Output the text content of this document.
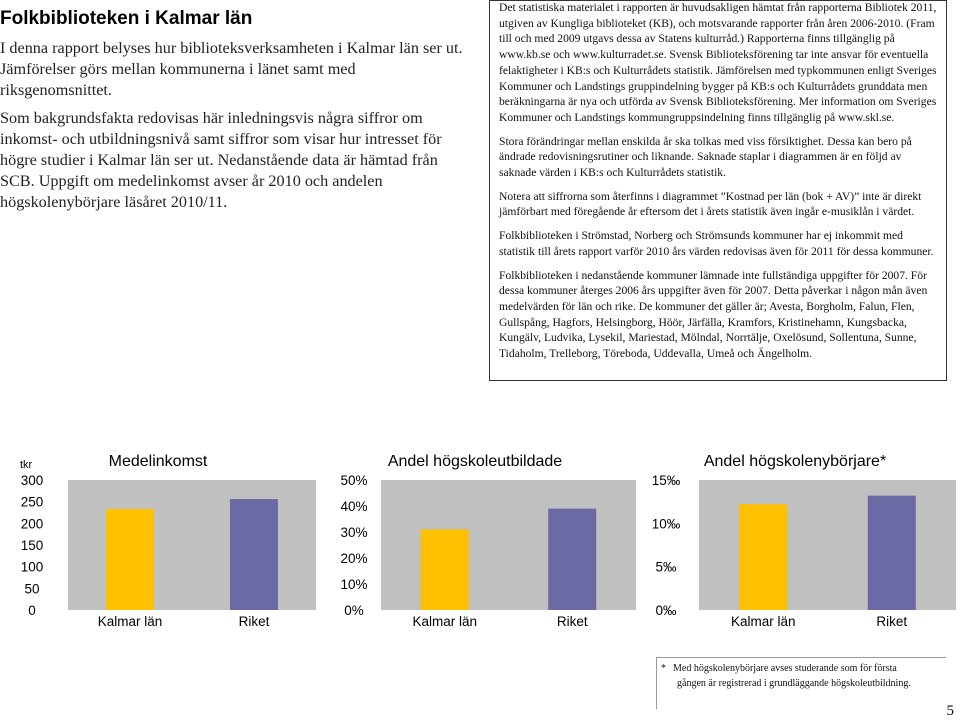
Folkbiblioteken i Kalmar län

I denna rapport belyses hur biblioteksverksamheten i Kalmar län ser ut. Jämförelser görs mellan kommunerna i länet samt med riksgenomsnittet.

Som bakgrundsfakta redovisas här inledningsvis några siffror om inkomst- och utbildningsnivå samt siffror som visar hur intresset för högre studier i Kalmar län ser ut. Nedanstående data är hämtad från SCB. Uppgift om medelinkomst avser år 2010 och andelen högskolenybörjare läsåret 2010/11.

Det statistiska materialet i rapporten är huvudsakligen hämtat från rapporterna Bibliotek 2011, utgiven av Kungliga biblioteket (KB), och motsvarande rapporter från åren 2006-2010. (Fram till och med 2009 utgavs dessa av Statens kulturråd.) Rapporterna finns tillgänglig på www.kb.se och www.kulturradet.se. Svensk Biblioteksförening tar inte ansvar för eventuella felaktigheter i KB:s och Kulturrådets statistik. Jämförelsen med typkommunen enligt Sveriges Kommuner och Landstings gruppindelning bygger på KB:s och Kulturrådets grunddata men beräkningarna är nya och utförda av Svensk Biblioteksförening. Mer information om Sveriges Kommuner och Landstings kommungruppsindelning finns tillgänglig på www.skl.se.

Stora förändringar mellan enskilda år ska tolkas med viss försiktighet. Dessa kan bero på ändrade redovisningsrutiner och liknande. Saknade staplar i diagrammen är en följd av saknade värden i KB:s och Kulturrådets statistik.

Notera att siffrorna som återfinns i diagrammet ”Kostnad per län (bok + AV)” inte är direkt jämförbart med föregående år eftersom det i årets statistik även ingår e-musiklån i värdet.

Folkbiblioteken i Strömstad, Norberg och Strömsunds kommuner har ej inkommit med statistik till årets rapport varför 2010 års värden redovisas även för 2011 för dessa kommuner.

Folkbiblioteken i nedanstående kommuner lämnade inte fullständiga uppgifter för 2007. För dessa kommuner återges 2006 års uppgifter även för 2007. Detta påverkar i någon mån även medelvärden för län och rike. De kommuner det gäller är; Avesta, Borgholm, Falun, Flen, Gullspång, Hagfors, Helsingborg, Höör, Järfälla, Kramfors, Kristinehamn, Kungsbacka, Kungälv, Ludvika, Lysekil, Mariestad, Mölndal, Norrtälje, Oxelösund, Sollentuna, Sunne, Tidaholm, Trelleborg, Töreboda, Uddevalla, Umeå och Ängelholm.

Medelinkomst
tkr
0
50
100
150
200
250
300
Kalmar län	Riket
Andel högskoleutbildade
0%
10%
20%
30%
40%
50%
Kalmar län	Riket
Andel högskolenybörjare*
0‰
5‰
10‰
15‰
Kalmar län	Riket
* Med högskolenybörjare avses studerande som för första
gången är registrerad i grundläggande högskoleutbildning.
5
